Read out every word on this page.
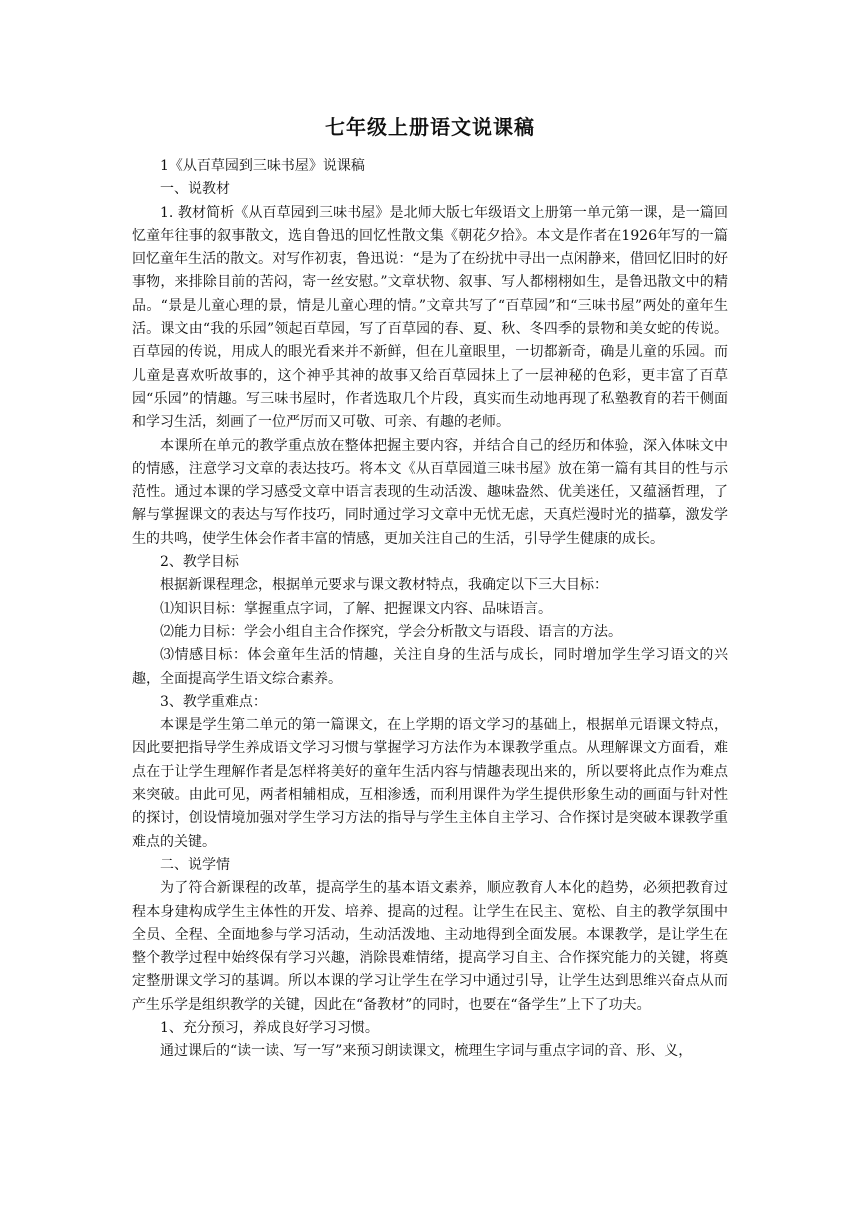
七年级上册语文说课稿

1《从百草园到三味书屋》说课稿

一、说教材

1. 教材简析《从百草园到三味书屋》是北师大版七年级语文上册第一单元第一课，是一篇回忆童年往事的叙事散文，选自鲁迅的回忆性散文集《朝花夕拾》。本文是作者在1926年写的一篇回忆童年生活的散文。对写作初衷，鲁迅说：“是为了在纷扰中寻出一点闲静来，借回忆旧时的好事物，来排除目前的苦闷，寄一丝安慰。”文章状物、叙事、写人都栩栩如生，是鲁迅散文中的精品。“景是儿童心理的景，情是儿童心理的情。”文章共写了“百草园”和“三味书屋”两处的童年生活。课文由“我的乐园”领起百草园，写了百草园的春、夏、秋、冬四季的景物和美女蛇的传说。 百草园的传说，用成人的眼光看来并不新鲜，但在儿童眼里，一切都新奇，确是儿童的乐园。而儿童是喜欢听故事的，这个神乎其神的故事又给百草园抹上了一层神秘的色彩，更丰富了百草园“乐园”的情趣。写三味书屋时，作者选取几个片段，真实而生动地再现了私塾教育的若干侧面和学习生活，刻画了一位严厉而又可敬、可亲、有趣的老师。

本课所在单元的教学重点放在整体把握主要内容，并结合自己的经历和体验，深入体味文中的情感，注意学习文章的表达技巧。将本文《从百草园道三味书屋》放在第一篇有其目的性与示范性。通过本课的学习感受文章中语言表现的生动活泼、趣味盎然、优美迷任，又蕴涵哲理，了解与掌握课文的表达与写作技巧，同时通过学习文章中无忧无虑，天真烂漫时光的描摹，激发学生的共鸣，使学生体会作者丰富的情感，更加关注自己的生活，引导学生健康的成长。

2、教学目标

根据新课程理念，根据单元要求与课文教材特点，我确定以下三大目标：

⑴知识目标：掌握重点字词，了解、把握课文内容、品味语言。

⑵能力目标：学会小组自主合作探究，学会分析散文与语段、语言的方法。

⑶情感目标：体会童年生活的情趣，关注自身的生活与成长，同时增加学生学习语文的兴趣，全面提高学生语文综合素养。

3、教学重难点：

本课是学生第二单元的第一篇课文，在上学期的语文学习的基础上，根据单元语课文特点，因此要把指导学生养成语文学习习惯与掌握学习方法作为本课教学重点。从理解课文方面看，难点在于让学生理解作者是怎样将美好的童年生活内容与情趣表现出来的，所以要将此点作为难点来突破。由此可见，两者相辅相成，互相渗透，而利用课件为学生提供形象生动的画面与针对性的探讨，创设情境加强对学生学习方法的指导与学生主体自主学习、合作探讨是突破本课教学重难点的关键。

二、说学情

为了符合新课程的改革，提高学生的基本语文素养，顺应教育人本化的趋势，必须把教育过程本身建构成学生主体性的开发、培养、提高的过程。让学生在民主、宽松、自主的教学氛围中全员、全程、全面地参与学习活动，生动活泼地、主动地得到全面发展。本课教学，是让学生在整个教学过程中始终保有学习兴趣，消除畏难情绪，提高学习自主、合作探究能力的关键，将奠定整册课文学习的基调。所以本课的学习让学生在学习中通过引导，让学生达到思维兴奋点从而产生乐学是组织教学的关键，因此在“备教材”的同时，也要在“备学生”上下了功夫。

1、充分预习，养成良好学习习惯。

通过课后的“读一读、写一写”来预习朗读课文，梳理生字词与重点字词的音、形、义，
